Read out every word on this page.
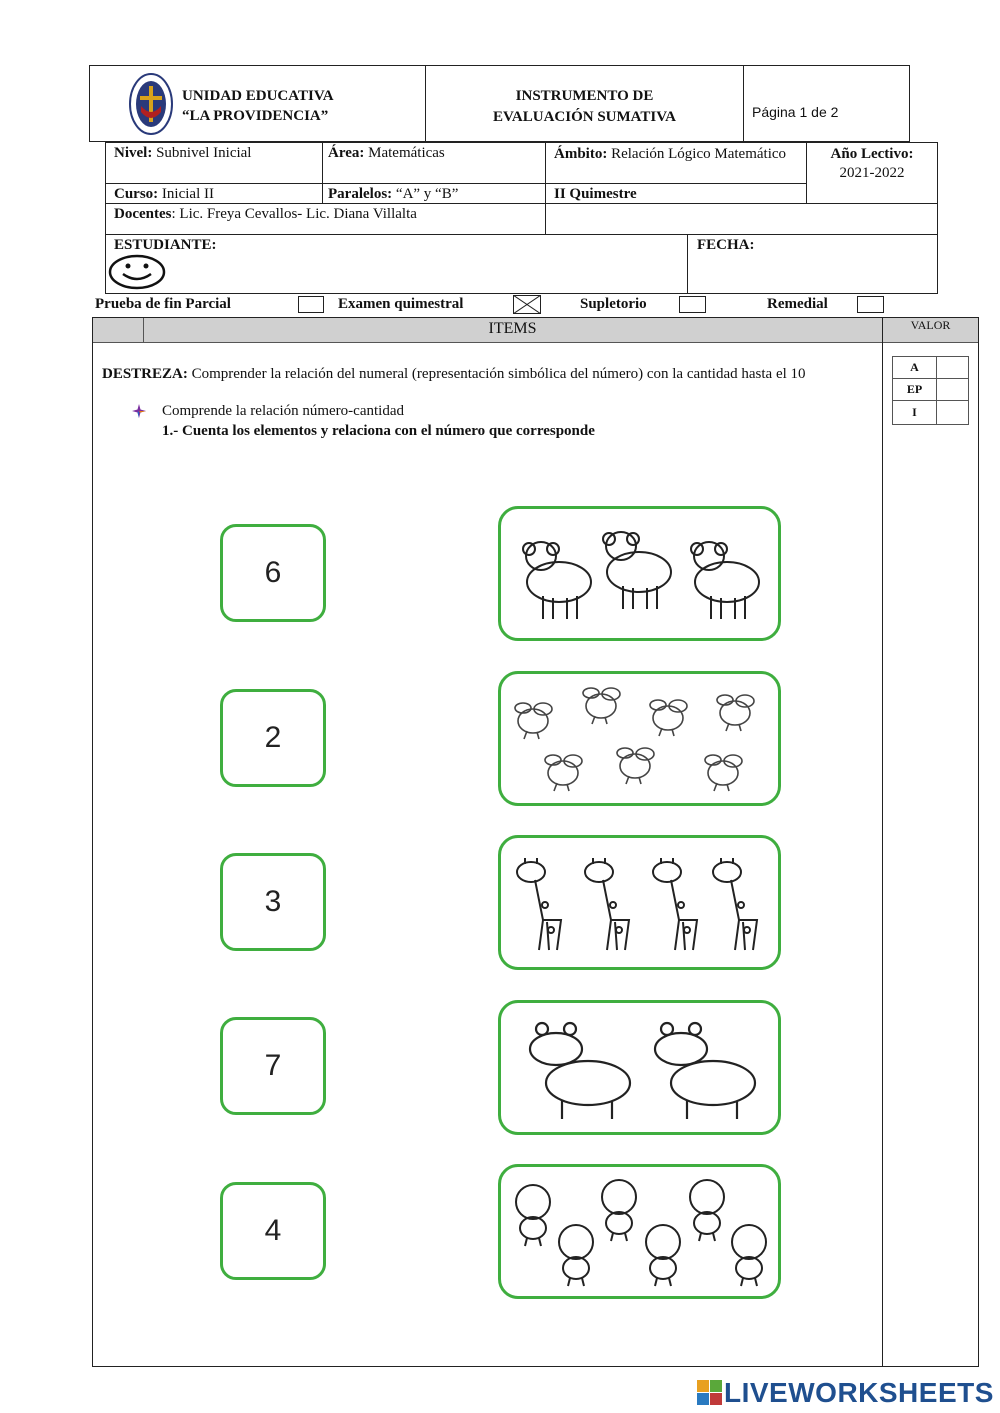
UNIDAD EDUCATIVA
“LA PROVIDENCIA”
INSTRUMENTO DE
EVALUACIÓN SUMATIVA	Página 1 de 2
Nivel: Subnivel Inicial	Área: Matemáticas	Ámbito: Relación Lógico Matemático	Año Lectivo:
2021-2022
Curso: Inicial II	Paralelos: “A” y “B”	II Quimestre
Docentes: Lic. Freya Cevallos- Lic. Diana Villalta
ESTUDIANTE:	FECHA:
Prueba de fin Parcial	Examen quimestral	Supletorio	Remedial
ITEMS	VALOR
A
EP
I
DESTREZA: Comprender la relación del numeral (representación simbólica del número) con la cantidad hasta el 10
Comprende la relación número-cantidad
1.- Cuenta los elementos y relaciona con el número que corresponde
6
2
3
7
4
LIVEWORKSHEETS
